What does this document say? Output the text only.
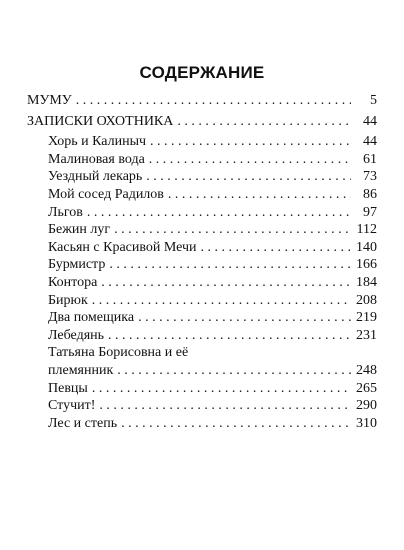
СОДЕРЖАНИЕ
МУМУ . . .	5
ЗАПИСКИ ОХОТНИКА . . .	44
Хорь и Калиныч . . .	44
Малиновая вода . . .	61
Уездный лекарь . . .	73
Мой сосед Радилов . . .	86
Льгов . . .	97
Бежин луг . . .	112
Касьян с Красивой Мечи . . .	140
Бурмистр . . .	166
Контора . . .	184
Бирюк . . .	208
Два помещика . . .	219
Лебедянь . . .	231
Татьяна Борисовна и её
племянник . . .	248
Певцы . . .	265
Стучит! . . .	290
Лес и степь . . .	310
